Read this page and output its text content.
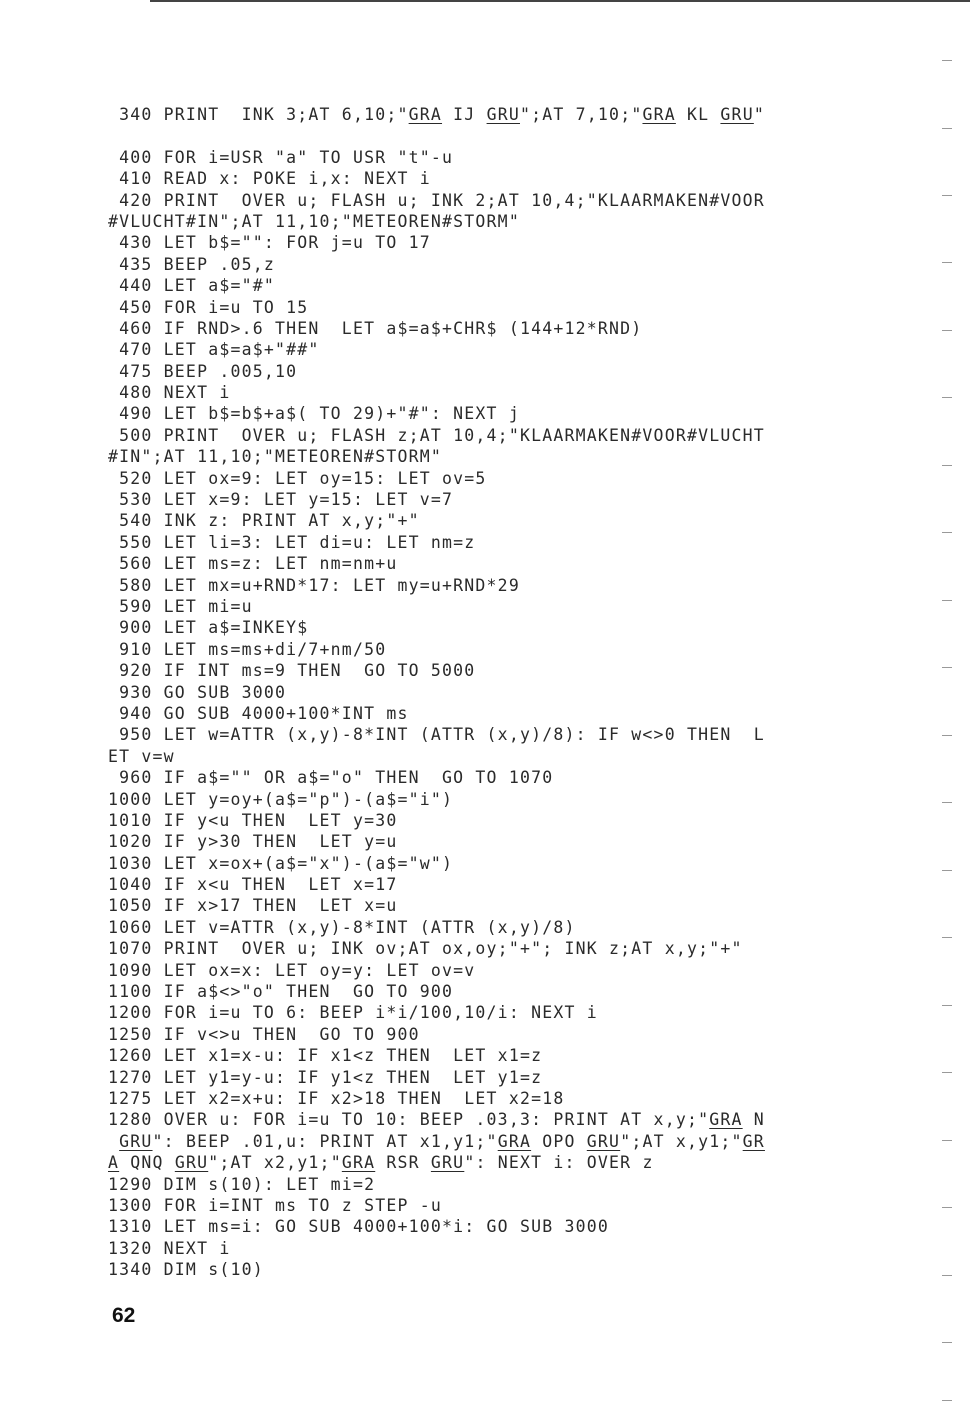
340 PRINT  INK 3;AT 6,10;"GRA IJ GRU";AT 7,10;"GRA KL GRU"
400 FOR i=USR "a" TO USR "t"-u
410 READ x: POKE i,x: NEXT i
420 PRINT  OVER u; FLASH u; INK 2;AT 10,4;"KLAARMAKEN#VOOR
#VLUCHT#IN";AT 11,10;"METEOREN#STORM"
430 LET b$="": FOR j=u TO 17
435 BEEP .05,z
440 LET a$="#"
450 FOR i=u TO 15
460 IF RND>.6 THEN  LET a$=a$+CHR$ (144+12*RND)
470 LET a$=a$+"##"
475 BEEP .005,10
480 NEXT i
490 LET b$=b$+a$( TO 29)+"#": NEXT j
500 PRINT  OVER u; FLASH z;AT 10,4;"KLAARMAKEN#VOOR#VLUCHT
#IN";AT 11,10;"METEOREN#STORM"
520 LET ox=9: LET oy=15: LET ov=5
530 LET x=9: LET y=15: LET v=7
540 INK z: PRINT AT x,y;"+"
550 LET li=3: LET di=u: LET nm=z
560 LET ms=z: LET nm=nm+u
580 LET mx=u+RND*17: LET my=u+RND*29
590 LET mi=u
900 LET a$=INKEY$
910 LET ms=ms+di/7+nm/50
920 IF INT ms=9 THEN  GO TO 5000
930 GO SUB 3000
940 GO SUB 4000+100*INT ms
950 LET w=ATTR (x,y)-8*INT (ATTR (x,y)/8): IF w<>0 THEN  L
ET v=w
960 IF a$="" OR a$="o" THEN  GO TO 1070
1000 LET y=oy+(a$="p")-(a$="i")
1010 IF y<u THEN  LET y=30
1020 IF y>30 THEN  LET y=u
1030 LET x=ox+(a$="x")-(a$="w")
1040 IF x<u THEN  LET x=17
1050 IF x>17 THEN  LET x=u
1060 LET v=ATTR (x,y)-8*INT (ATTR (x,y)/8)
1070 PRINT  OVER u; INK ov;AT ox,oy;"+"; INK z;AT x,y;"+"
1090 LET ox=x: LET oy=y: LET ov=v
1100 IF a$<>"o" THEN  GO TO 900
1200 FOR i=u TO 6: BEEP i*i/100,10/i: NEXT i
1250 IF v<>u THEN  GO TO 900
1260 LET x1=x-u: IF x1<z THEN  LET x1=z
1270 LET y1=y-u: IF y1<z THEN  LET y1=z
1275 LET x2=x+u: IF x2>18 THEN  LET x2=18
1280 OVER u: FOR i=u TO 10: BEEP .03,3: PRINT AT x,y;"GRA N
GRU": BEEP .01,u: PRINT AT x1,y1;"GRA OPO GRU";AT x,y1;"GR
A QNQ GRU";AT x2,y1;"GRA RSR GRU": NEXT i: OVER z
1290 DIM s(10): LET mi=2
1300 FOR i=INT ms TO z STEP -u
1310 LET ms=i: GO SUB 4000+100*i: GO SUB 3000
1320 NEXT i
1340 DIM s(10)
62
